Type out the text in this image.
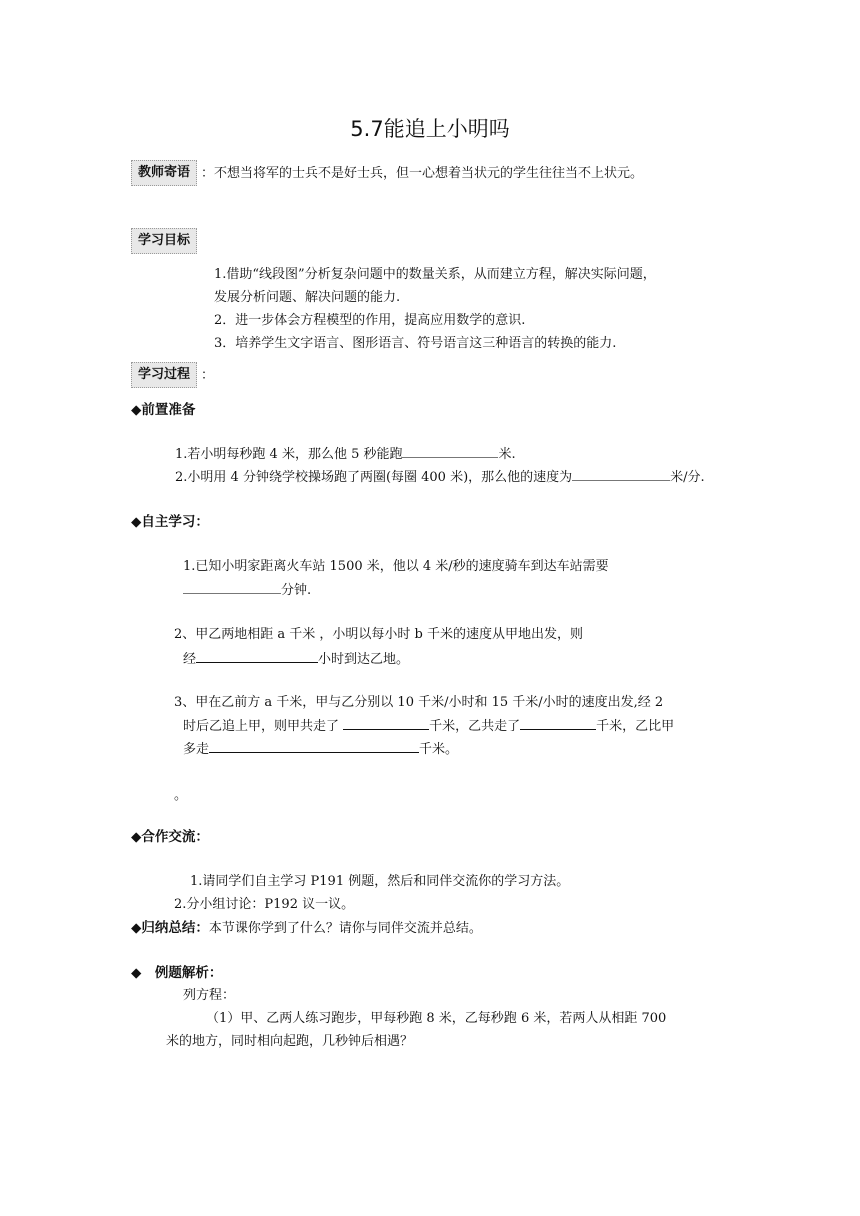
5.7能追上小明吗
教师寄语 ：不想当将军的士兵不是好士兵，但一心想着当状元的学生往往当不上状元。
学习目标
1.借助“线段图”分析复杂问题中的数量关系，从而建立方程，解决实际问题，
发展分析问题、解决问题的能力.
2．进一步体会方程模型的作用，提高应用数学的意识.
3．培养学生文字语言、图形语言、符号语言这三种语言的转换的能力.
学习过程 ：
◆前置准备
1.若小明每秒跑 4 米，那么他 5 秒能跑	米.
2.小明用 4 分钟绕学校操场跑了两圈(每圈 400 米)，那么他的速度为	米/分.
◆自主学习：
1.已知小明家距离火车站 1500 米，他以 4 米/秒的速度骑车到达车站需要
分钟.
2、甲乙两地相距 a 千米 ，小明以每小时 b 千米的速度从甲地出发，则
经	小时到达乙地。
3、甲在乙前方 a 千米，甲与乙分别以 10 千米/小时和 15 千米/小时的速度出发,经 2
时后乙追上甲，则甲共走了	千米，乙共走了	千米，乙比甲
多走	千米。
。
◆合作交流：
1.请同学们自主学习 P191 例题，然后和同伴交流你的学习方法。
2.分小组讨论：P192 议一议。
◆归纳总结：本节课你学到了什么？请你与同伴交流并总结。
◆　例题解析：
列方程：
（1）甲、乙两人练习跑步，甲每秒跑 8 米，乙每秒跑 6 米，若两人从相距 700
米的地方，同时相向起跑，几秒钟后相遇？
